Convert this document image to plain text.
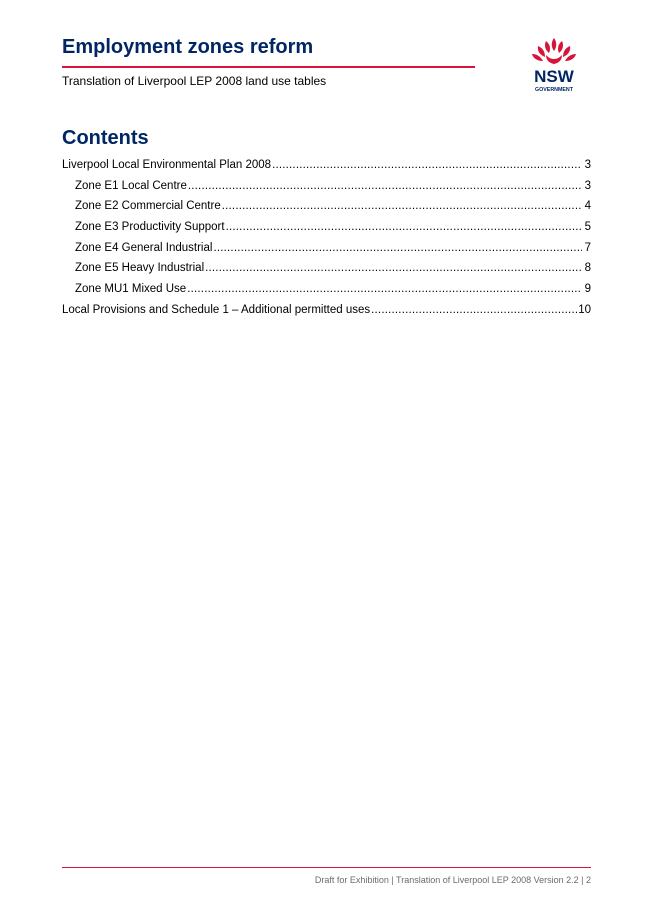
Employment zones reform
Translation of Liverpool LEP 2008 land use tables	NSW
GOVERNMENT
Contents
Liverpool Local Environmental Plan 2008 .....	3
Zone E1 Local Centre .....	3
Zone E2 Commercial Centre .....	4
Zone E3 Productivity Support .....	5
Zone E4 General Industrial .....	7
Zone E5 Heavy Industrial .....	8
Zone MU1 Mixed Use .....	9
Local Provisions and Schedule 1 – Additional permitted uses .....	10
Draft for Exhibition | Translation of Liverpool LEP 2008 Version 2.2 | 2
